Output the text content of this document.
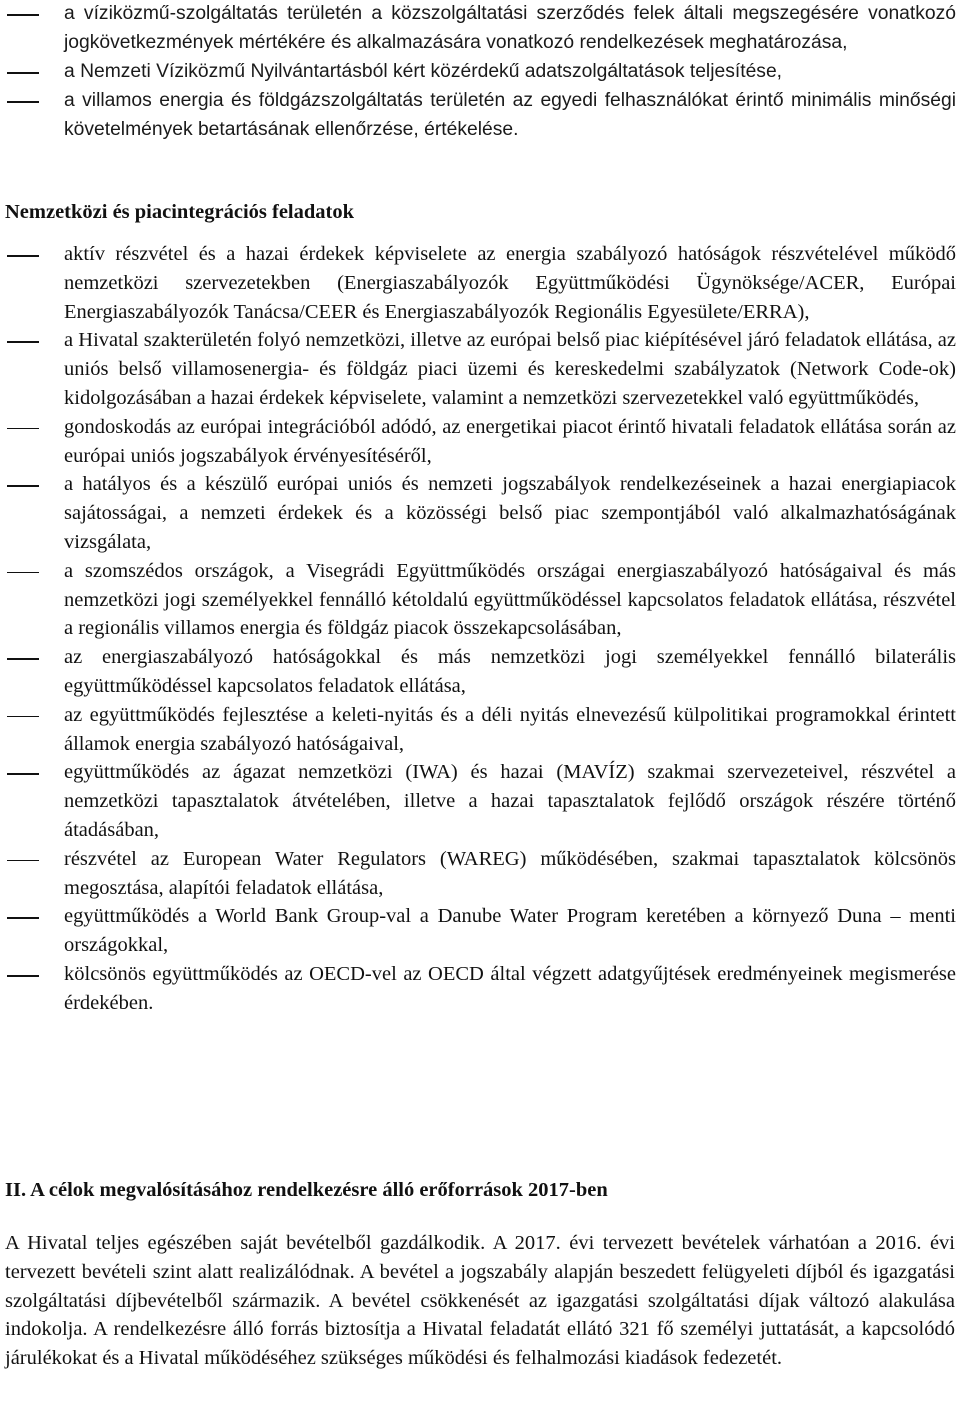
a víziközmű-szolgáltatás területén a közszolgáltatási szerződés felek általi megszegésére vonatkozó jogkövetkezmények mértékére és alkalmazására vonatkozó rendelkezések meghatározása,
a Nemzeti Víziközmű Nyilvántartásból kért közérdekű adatszolgáltatások teljesítése,
a villamos energia és földgázszolgáltatás területén az egyedi felhasználókat érintő minimális minőségi követelmények betartásának ellenőrzése, értékelése.
Nemzetközi és piacintegrációs feladatok
aktív részvétel és a hazai érdekek képviselete az energia szabályozó hatóságok részvételével működő nemzetközi szervezetekben (Energiaszabályozók Együttműködési Ügynöksége/ACER, Európai Energiaszabályozók Tanácsa/CEER és Energiaszabályozók Regionális Egyesülete/ERRA),
a Hivatal szakterületén folyó nemzetközi, illetve az európai belső piac kiépítésével járó feladatok ellátása, az uniós belső villamosenergia- és földgáz piaci üzemi és kereskedelmi szabályzatok (Network Code-ok) kidolgozásában a hazai érdekek képviselete, valamint a nemzetközi szervezetekkel való együttműködés,
gondoskodás az európai integrációból adódó, az energetikai piacot érintő hivatali feladatok ellátása során az európai uniós jogszabályok érvényesítéséről,
a hatályos és a készülő európai uniós és nemzeti jogszabályok rendelkezéseinek a hazai energiapiacok sajátosságai, a nemzeti érdekek és a közösségi belső piac szempontjából való alkalmazhatóságának vizsgálata,
a szomszédos országok, a Visegrádi Együttműködés országai energiaszabályozó hatóságaival és más nemzetközi jogi személyekkel fennálló kétoldalú együttműködéssel kapcsolatos feladatok ellátása, részvétel a regionális villamos energia és földgáz piacok összekapcsolásában,
az energiaszabályozó hatóságokkal és más nemzetközi jogi személyekkel fennálló bilaterális együttműködéssel kapcsolatos feladatok ellátása,
az együttműködés fejlesztése a keleti-nyitás és a déli nyitás elnevezésű külpolitikai programokkal érintett államok energia szabályozó hatóságaival,
együttműködés az ágazat nemzetközi (IWA) és hazai (MAVÍZ) szakmai szervezeteivel, részvétel a nemzetközi tapasztalatok átvételében, illetve a hazai tapasztalatok fejlődő országok részére történő átadásában,
részvétel az European Water Regulators (WAREG) működésében, szakmai tapasztalatok kölcsönös megosztása, alapítói feladatok ellátása,
együttműködés a World Bank Group-val a Danube Water Program keretében a környező Duna – menti országokkal,
kölcsönös együttműködés az OECD-vel az OECD által végzett adatgyűjtések eredményeinek megismerése érdekében.
II. A célok megvalósításához rendelkezésre álló erőforrások 2017-ben

A Hivatal teljes egészében saját bevételből gazdálkodik. A 2017. évi tervezett bevételek várhatóan a 2016. évi tervezett bevételi szint alatt realizálódnak. A bevétel a jogszabály alapján beszedett felügyeleti díjból és igazgatási szolgáltatási díjbevételből származik. A bevétel csökkenését az igazgatási szolgáltatási díjak változó alakulása indokolja. A rendelkezésre álló forrás biztosítja a Hivatal feladatát ellátó 321 fő személyi juttatását, a kapcsolódó járulékokat és a Hivatal működéséhez szükséges működési és felhalmozási kiadások fedezetét.
